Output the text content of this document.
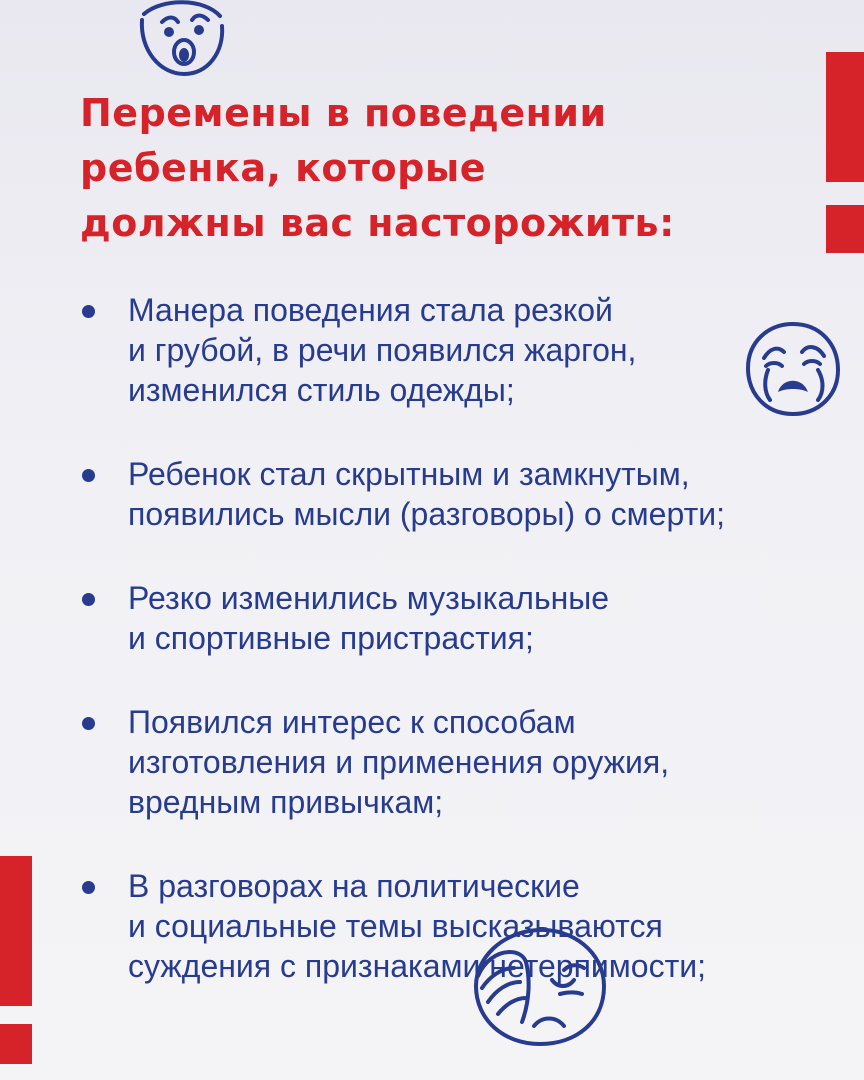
Перемены в поведении
ребенка, которые
должны вас насторожить:
Манера поведения стала резкой
и грубой, в речи появился жаргон,
изменился стиль одежды;
Ребенок стал скрытным и замкнутым,
появились мысли (разговоры) о смерти;
Резко изменились музыкальные
и спортивные пристрастия;
Появился интерес к способам
изготовления и применения оружия,
вредным привычкам;
В разговорах на политические
и социальные темы высказываются
суждения с признаками нетерпимости;
